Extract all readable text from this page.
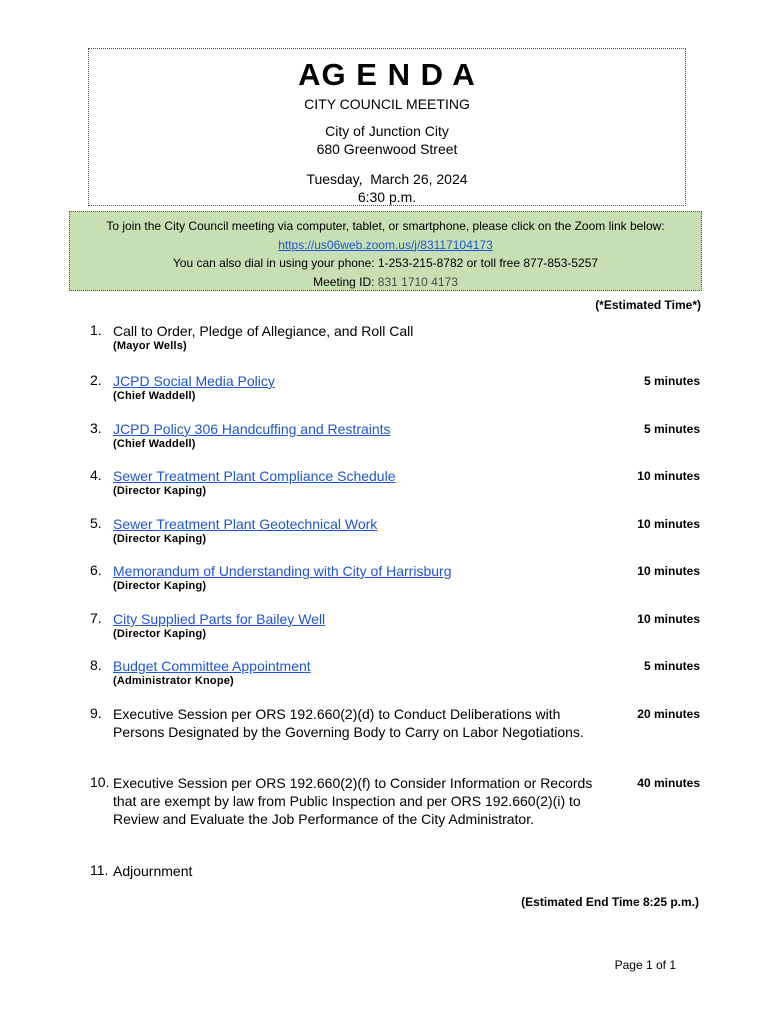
AG E N D A
CITY COUNCIL MEETING
City of Junction City
680 Greenwood Street
Tuesday,  March 26, 2024
6:30 p.m.
To join the City Council meeting via computer, tablet, or smartphone, please click on the Zoom link below:
https://us06web.zoom.us/j/83117104173
You can also dial in using your phone: 1-253-215-8782 or toll free 877-853-5257
Meeting ID: 831 1710 4173
(*Estimated Time*)
1. Call to Order, Pledge of Allegiance, and Roll Call
(Mayor Wells)
2. JCPD Social Media Policy
(Chief Waddell)
5 minutes
3. JCPD Policy 306 Handcuffing and Restraints
(Chief Waddell)
5 minutes
4. Sewer Treatment Plant Compliance Schedule
(Director Kaping)
10 minutes
5. Sewer Treatment Plant Geotechnical Work
(Director Kaping)
10 minutes
6. Memorandum of Understanding with City of Harrisburg
(Director Kaping)
10 minutes
7. City Supplied Parts for Bailey Well
(Director Kaping)
10 minutes
8. Budget Committee Appointment
(Administrator Knope)
5 minutes
9. Executive Session per ORS 192.660(2)(d) to Conduct Deliberations with Persons Designated by the Governing Body to Carry on Labor Negotiations.
20 minutes
10. Executive Session per ORS 192.660(2)(f) to Consider Information or Records that are exempt by law from Public Inspection and per ORS 192.660(2)(i) to Review and Evaluate the Job Performance of the City Administrator.
40 minutes
11. Adjournment
(Estimated End Time 8:25 p.m.)
Page 1 of 1
